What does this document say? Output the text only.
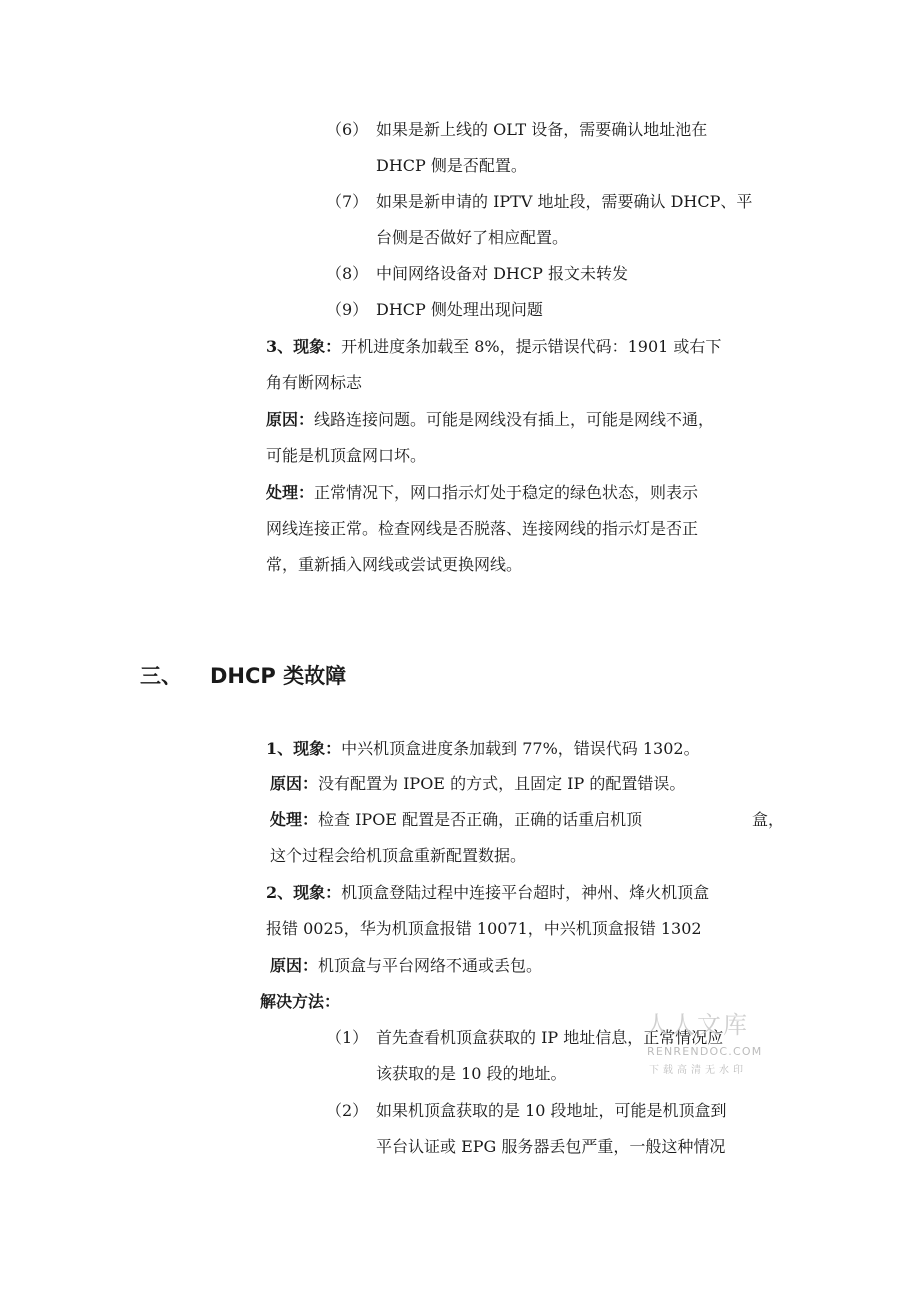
（6） 如果是新上线的 OLT 设备，需要确认地址池在
DHCP 侧是否配置。
（7） 如果是新申请的 IPTV 地址段，需要确认 DHCP、平
台侧是否做好了相应配置。
（8） 中间网络设备对 DHCP 报文未转发
（9） DHCP 侧处理出现问题
3、现象：开机进度条加载至 8%，提示错误代码：1901 或右下
角有断网标志
原因：线路连接问题。可能是网线没有插上，可能是网线不通，
可能是机顶盒网口坏。
处理：正常情况下，网口指示灯处于稳定的绿色状态，则表示
网线连接正常。检查网线是否脱落、连接网线的指示灯是否正
常，重新插入网线或尝试更换网线。
三、 DHCP 类故障
1、现象：中兴机顶盒进度条加载到 77%，错误代码 1302。
原因：没有配置为 IPOE 的方式，且固定 IP 的配置错误。
处理：检查 IPOE 配置是否正确，正确的话重启机顶	盒，
这个过程会给机顶盒重新配置数据。
2、现象：机顶盒登陆过程中连接平台超时，神州、烽火机顶盒
报错 0025，华为机顶盒报错 10071，中兴机顶盒报错 1302
原因：机顶盒与平台网络不通或丢包。
解决方法：
（1） 首先查看机顶盒获取的 IP 地址信息，正常情况应
该获取的是 10 段的地址。
（2） 如果机顶盒获取的是 10 段地址，可能是机顶盒到
平台认证或 EPG 服务器丢包严重，一般这种情况
人人文库
RENRENDOC.COM
下载高清无水印
